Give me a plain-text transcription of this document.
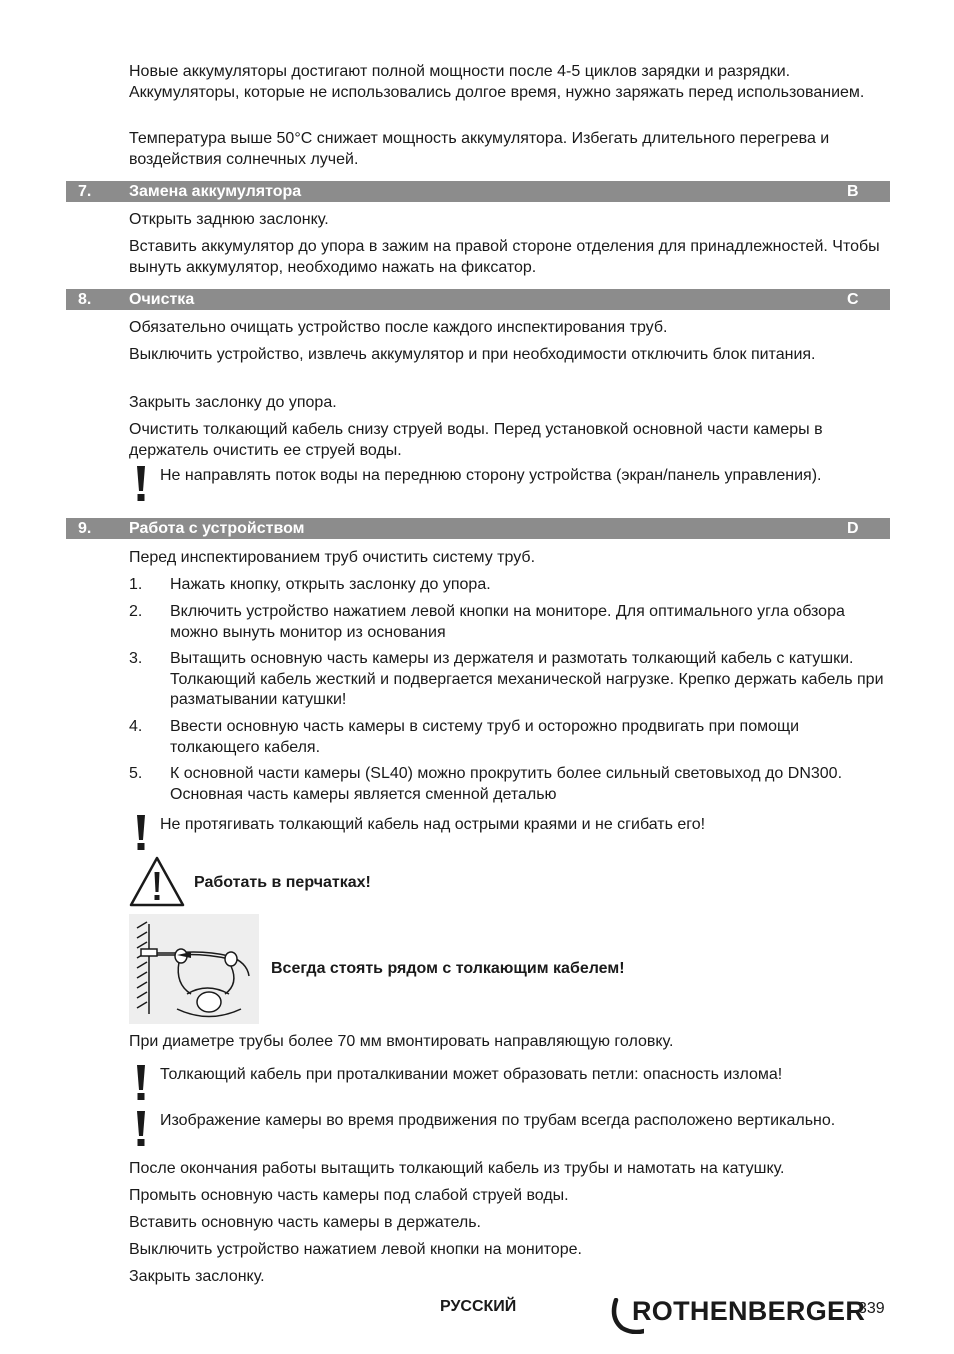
Новые аккумуляторы достигают полной мощности после 4-5 циклов зарядки и разрядки. Аккумуляторы, которые не использовались долгое время, нужно заряжать перед использованием.

Температура выше 50°C снижает мощность аккумулятора. Избегать длительного перегрева и воздействия солнечных лучей.

7. Замена аккумулятора	B

Открыть заднюю заслонку.

Вставить аккумулятор до упора в зажим на правой стороне отделения для принадлежностей. Чтобы вынуть аккумулятор, необходимо нажать на фиксатор.

8. Очистка	C

Обязательно очищать устройство после каждого инспектирования труб.

Выключить устройство, извлечь аккумулятор и при необходимости отключить блок питания.

Закрыть заслонку до упора.

Очистить толкающий кабель снизу струей воды. Перед установкой основной части камеры в держатель очистить ее струей воды.

Не направлять поток воды на переднюю сторону устройства (экран/панель управления).
9. Работа с устройством	D

Перед инспектированием труб очистить систему труб.

1. Нажать кнопку, открыть заслонку до упора.
2. Включить устройство нажатием левой кнопки на мониторе. Для оптимального угла обзора можно вынуть монитор из основания
3. Вытащить основную часть камеры из держателя и размотать толкающий кабель с катушки. Толкающий кабель жесткий и подвергается механической нагрузке. Крепко держать кабель при разматывании катушки!
4. Ввести основную часть камеры в систему труб и осторожно продвигать при помощи толкающего кабеля.
5. К основной части камеры (SL40) можно прокрутить более сильный световыход до DN300. Основная часть камеры является сменной деталью
Не протягивать толкающий кабель над острыми краями и не сгибать его!
Работать в перчатках!
Всегда стоять рядом с толкающим кабелем!

При диаметре трубы более 70 мм вмонтировать направляющую головку.

Толкающий кабель при проталкивании может образовать петли: опасность излома!
Изображение камеры во время продвижения по трубам всегда расположено вертикально.

После окончания работы вытащить толкающий кабель из трубы и намотать на катушку.

Промыть основную часть камеры под слабой струей воды.

Вставить основную часть камеры в держатель.

Выключить устройство нажатием левой кнопки на мониторе.

Закрыть заслонку.

РУССКИЙ	ROTHENBERGER
339
